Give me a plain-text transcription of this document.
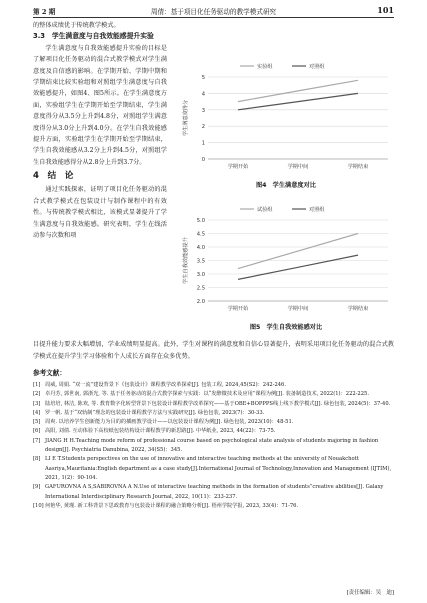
第 2 期	周倩：基于项目化任务驱动的教学模式研究	101

的整体成绩优于传统教学模式。

3.3　学生满意度与自我效能感提升实验

学生满意度与自我效能感提升实验的目标是了解项目化任务驱动的混合式教学模式对学生满意度及自信感的影响。在学期开始、学期中期和学期结束比较实验组和对照组学生满意度与自我效能感提升，如图4、图5所示。在学生满意度方面，实验组学生在学期开始至学期结束，学生满意度得分从3.5分上升到4.8分，对照组学生满意度得分从3.0分上升到4.0分。在学生自我效能感提升方面，实验组学生在学期开始至学期结束，学生自我效能感从3.2分上升到4.5分，对照组学生自我效能感得分从2.8分上升到3.7分。

4　结　论

通过实践探索，证明了项目化任务驱动的混合式教学模式在包装设计与制作课程中的有效性。与传统教学模式相比，该模式显著提升了学生满意度与自我效能感。研究表明，学生在线活动参与次数和项

0
1
2
3
4
5
学期开始	学期中间	学期结束
学生满意度得分
实验组	对照组
图4　学生满意度对比
2.0
2.5
3.0
3.5
4.0
4.5
5.0
学期开始	学期中间	学期结束
学生自我效能感提升
试验组	对照组
图5　学生自我效能感对比
目提升能力要求大幅增加，学业成绩明显提高。此外，学生对课程的满意度和自信心显著提升，表明采用项目化任务驱动的混合式教学模式在提升学生学习体验和个人成长方面存在众多优势。
参考文献：
[1] 周威, 周娟. “双一流”建设背景下《包装设计》课程教学改革探索[J]. 包装工程, 2024,45(S2)：242-246.
[2] 卓丹芳, 郭世南, 郭浙光, 等. 基于任务驱动的混合式教学探索与实践：以“发酵微技术及应用”课程为例[J]. 装备制造技术, 2022(1)：222-225.
[3] 陆培培, 林洁, 陈欢, 等. 教育数字化转型背景下包装设计课程教学改革探究——基于OBE+BOPPPS线上线下教学模式[J]. 绿色包装, 2024(5)：37-40.
[4] 罗一帆. 基于“双轨制”理念的包装设计课程教学方法与实践研究[J]. 绿色包装, 2023(7)：30-33.
[5] 周爽. 以培养学生创新能力为目的的插画教学设计——以包装设计课程为例[J]. 绿色包装, 2023(10)：48-51.
[6] 高阳, 刘倩. 互动体验下高校纸包装结构设计课程教学的新思路[J]. 中华纸业, 2023, 44(22)：73-75.
[7] JIANG H H.Teaching mode reform of professional course based on psychological state analysis of students majoring in fashion design[J]. Psychiatria Danubina, 2022, 34(S5)：345.
[8] LI E T.Students perspectives on the use of innovative and interactive teaching methods at the university of Nouakchott Aasriya,Mauritania:English department as a case study[J].International Journal of Technology,Innovation and Management (IJTIM), 2021, 1(2)：90-104.
[9] GAFUROVNA A S,SABIROVNA A N.Use of interactive teaching methods in the formation of students”creative abilities[J]. Galaxy International Interdisciplinary Research Journal, 2022, 10(11)：233-237.
[10]何艳华, 黄瑾. 新工科背景下思政教育与包装设计课程的融合策略分析[J]. 梧州学院学报, 2023, 33(4)：71-76.
[责任编辑：吴　迪]
